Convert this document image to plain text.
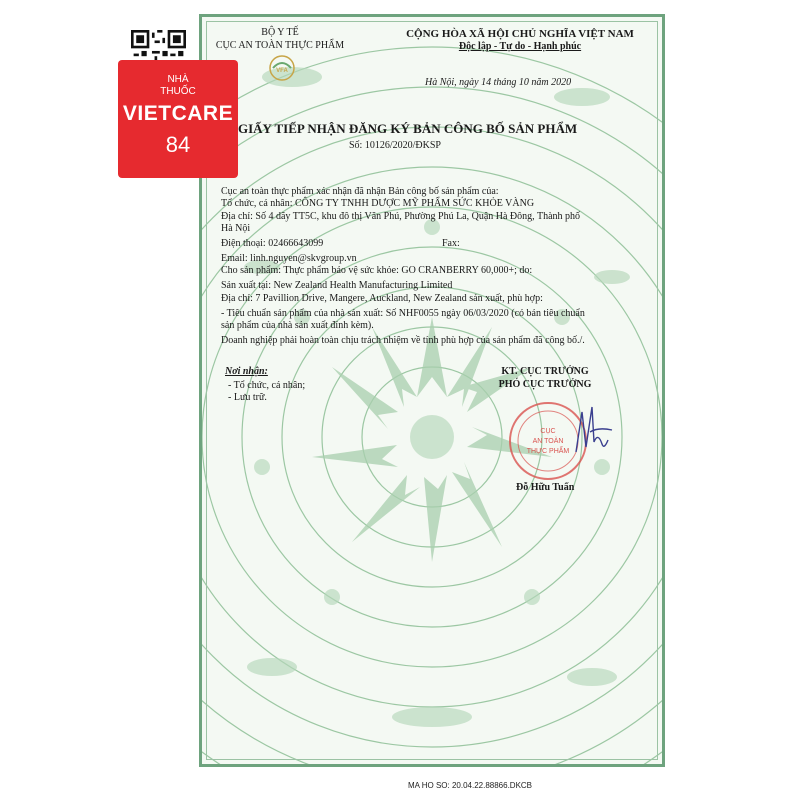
NHÀ
THUỐC
VIETCARE
84
BỘ Y TẾ
CỤC AN TOÀN THỰC PHẨM
VFA
CỘNG HÒA XÃ HỘI CHỦ NGHĨA VIỆT NAM
Độc lập - Tự do - Hạnh phúc
Hà Nội, ngày 14 tháng 10 năm 2020
GIẤY TIẾP NHẬN ĐĂNG KÝ BẢN CÔNG BỐ SẢN PHẨM
Số: 10126/2020/ĐKSP
Cục an toàn thực phẩm xác nhận đã nhận Bản công bố sản phẩm của:
Tổ chức, cá nhân: CÔNG TY TNHH DƯỢC MỸ PHẨM SỨC KHỎE VÀNG
Địa chỉ: Số 4 dãy TT5C, khu đô thị Văn Phú, Phường Phú La, Quận Hà Đông, Thành phố
Hà Nội
Điện thoại: 02466643099	Fax:
Email: linh.nguyen@skvgroup.vn
Cho sản phẩm: Thực phẩm bảo vệ sức khỏe: GO CRANBERRY 60,000+; do:
Sản xuất tại: New Zealand Health Manufacturing Limited
Địa chỉ: 7 Pavillion Drive, Mangere, Auckland, New Zealand sản xuất, phù hợp:
- Tiêu chuẩn sản phẩm của nhà sản xuất: Số NHF0055 ngày 06/03/2020 (có bản tiêu chuẩn
sản phẩm của nhà sản xuất đính kèm).
Doanh nghiệp phải hoàn toàn chịu trách nhiệm về tính phù hợp của sản phẩm đã công bố./.
Nơi nhận:
- Tổ chức, cá nhân;
- Lưu trữ.
KT. CỤC TRƯỞNG
PHÓ CỤC TRƯỞNG
CỤC
AN TOÀN
THỰC PHẨM
Đỗ Hữu Tuấn
MA HO SO: 20.04.22.88866.DKCB
